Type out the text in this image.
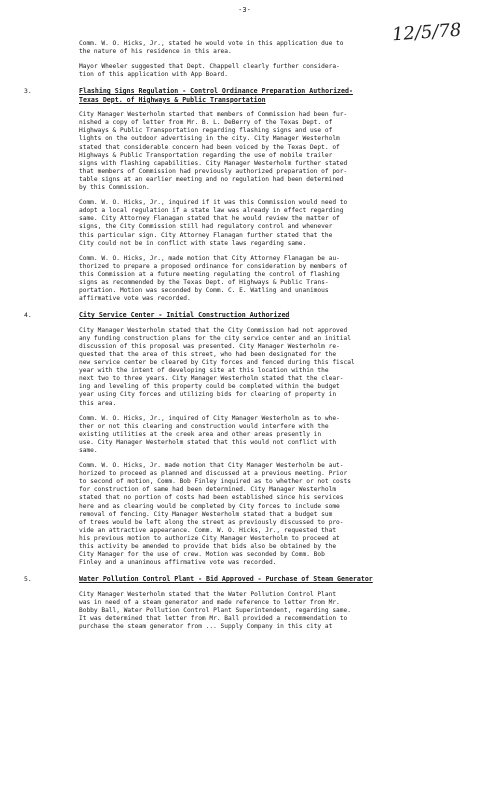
-3-
12/5/78

Comm. W. O. Hicks, Jr., stated he would vote in this application due to
the nature of his residence in this area.

Mayor Wheeler suggested that Dept. Chappell clearly further considera-
tion of this application with App Board.

3.	Flashing Signs Regulation - Control Ordinance Preparation Authorized-
Texas Dept. of Highways & Public Transportation

City Manager Westerholm started that members of Commission had been fur-
nished a copy of letter from Mr. B. L. DeBerry of the Texas Dept. of
Highways & Public Transportation regarding flashing signs and use of
lights on the outdoor advertising in the city. City Manager Westerholm
stated that considerable concern had been voiced by the Texas Dept. of
Highways & Public Transportation regarding the use of mobile trailer
signs with flashing capabilities. City Manager Westerholm further stated
that members of Commission had previously authorized preparation of por-
table signs at an earlier meeting and no regulation had been determined
by this Commission.

Comm. W. O. Hicks, Jr., inquired if it was this Commission would need to
adopt a local regulation if a state law was already in effect regarding
same. City Attorney Flanagan stated that he would review the matter of
signs, the City Commission still had regulatory control and whenever
this particular sign. City Attorney Flanagan further stated that the
City could not be in conflict with state laws regarding same.

Comm. W. O. Hicks, Jr., made motion that City Attorney Flanagan be au-
thorized to prepare a proposed ordinance for consideration by members of
this Commission at a future meeting regulating the control of flashing
signs as recommended by the Texas Dept. of Highways & Public Trans-
portation. Motion was seconded by Comm. C. E. Watling and unanimous
affirmative vote was recorded.

4.	City Service Center - Initial Construction Authorized

City Manager Westerholm stated that the City Commission had not approved
any funding construction plans for the city service center and an initial
discussion of this proposal was presented. City Manager Westerholm re-
quested that the area of this street, who had been designated for the
new service center be cleared by City forces and fenced during this fiscal
year with the intent of developing site at this location within the
next two to three years. City Manager Westerholm stated that the clear-
ing and leveling of this property could be completed within the budget
year using City forces and utilizing bids for clearing of property in
this area.

Comm. W. O. Hicks, Jr., inquired of City Manager Westerholm as to whe-
ther or not this clearing and construction would interfere with the
existing utilities at the creek area and other areas presently in
use. City Manager Westerholm stated that this would not conflict with
same.

Comm. W. O. Hicks, Jr. made motion that City Manager Westerholm be aut-
horized to proceed as planned and discussed at a previous meeting. Prior
to second of motion, Comm. Bob Finley inquired as to whether or not costs
for construction of same had been determined. City Manager Westerholm
stated that no portion of costs had been established since his services
here and as clearing would be completed by City forces to include some
removal of fencing. City Manager Westerholm stated that a budget sum
of trees would be left along the street as previously discussed to pro-
vide an attractive appearance. Comm. W. O. Hicks, Jr., requested that
his previous motion to authorize City Manager Westerholm to proceed at
this activity be amended to provide that bids also be obtained by the
City Manager for the use of crew. Motion was seconded by Comm. Bob
Finley and a unanimous affirmative vote was recorded.

5.	Water Pollution Control Plant - Bid Approved - Purchase of Steam Generator

City Manager Westerholm stated that the Water Pollution Control Plant
was in need of a steam generator and made reference to letter from Mr.
Bobby Ball, Water Pollution Control Plant Superintendent, regarding same.
It was determined that letter from Mr. Ball provided a recommendation to
purchase the steam generator from ... Supply Company in this city at
